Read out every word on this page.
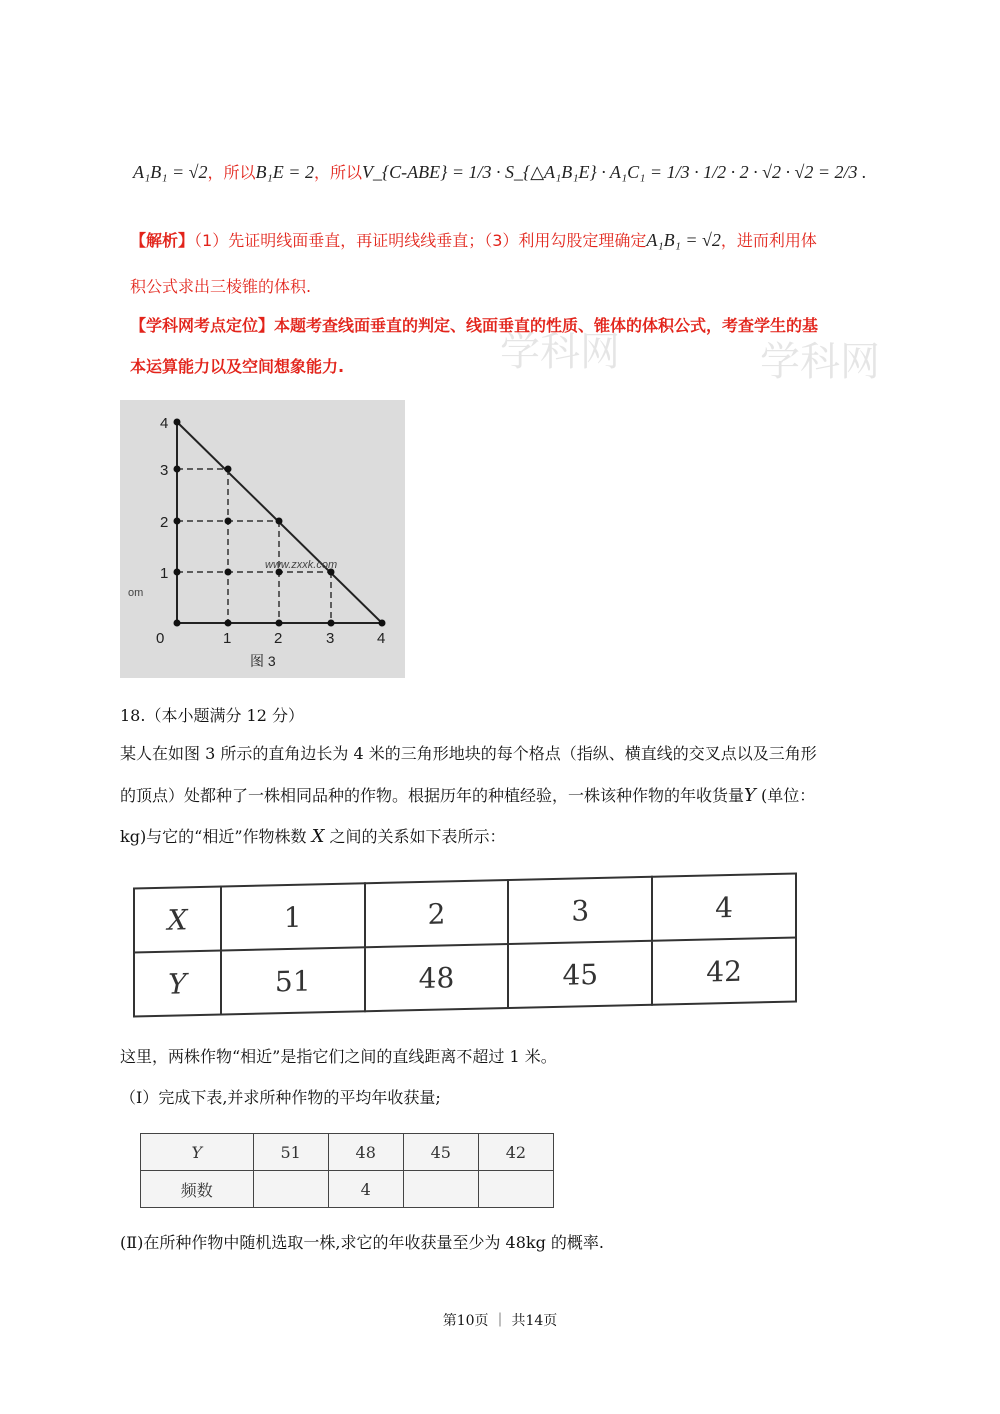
学科网	学科网
A₁B₁ = √2，所以B₁E = 2，所以V_{C-ABE} = 1/3 · S_{△A₁B₁E} · A₁C₁ = 1/3 · 1/2 · 2 · √2 · √2 = 2/3 .
【解析】（1）先证明线面垂直，再证明线线垂直；（3）利用勾股定理确定A₁B₁ = √2，进而利用体
积公式求出三棱锥的体积.
【学科网考点定位】本题考查线面垂直的判定、线面垂直的性质、锥体的体积公式，考查学生的基
本运算能力以及空间想象能力.
4
3
2
1
0	1	2	3	4
图 3
www.zxxk.com
om
18.（本小题满分 12 分）
某人在如图 3 所示的直角边长为 4 米的三角形地块的每个格点（指纵、横直线的交叉点以及三角形
的顶点）处都种了一株相同品种的作物。根据历年的种植经验，一株该种作物的年收货量Y (单位：
kg)与它的“相近”作物株数 X 之间的关系如下表所示：
X	1	2	3	4
Y	51	48	45	42
这里，两株作物“相近”是指它们之间的直线距离不超过 1 米。
（Ⅰ）完成下表,并求所种作物的平均年收获量;
Y	51	48	45	42
频数		4		
(Ⅱ)在所种作物中随机选取一株,求它的年收获量至少为 48kg 的概率.
第10页 ｜ 共14页
